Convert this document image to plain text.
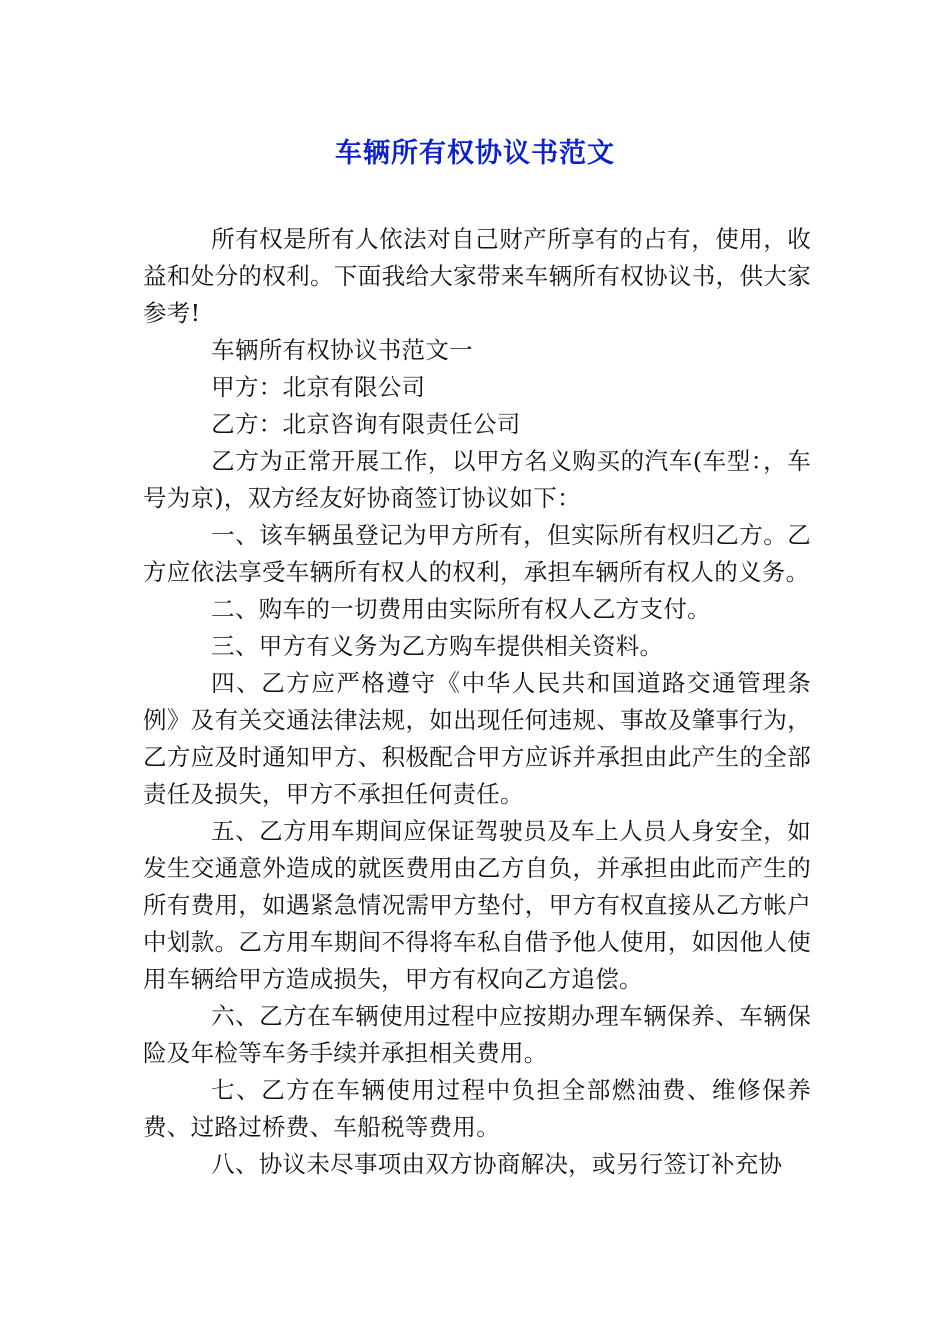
车辆所有权协议书范文

所有权是所有人依法对自己财产所享有的占有，使用，收益和处分的权利。下面我给大家带来车辆所有权协议书，供大家参考!

车辆所有权协议书范文一

甲方：北京有限公司

乙方：北京咨询有限责任公司

乙方为正常开展工作，以甲方名义购买的汽车(车型：，车号为京)，双方经友好协商签订协议如下：

一、该车辆虽登记为甲方所有，但实际所有权归乙方。乙方应依法享受车辆所有权人的权利，承担车辆所有权人的义务。

二、购车的一切费用由实际所有权人乙方支付。

三、甲方有义务为乙方购车提供相关资料。

四、乙方应严格遵守《中华人民共和国道路交通管理条例》及有关交通法律法规，如出现任何违规、事故及肇事行为，乙方应及时通知甲方、积极配合甲方应诉并承担由此产生的全部责任及损失，甲方不承担任何责任。

五、乙方用车期间应保证驾驶员及车上人员人身安全，如发生交通意外造成的就医费用由乙方自负，并承担由此而产生的所有费用，如遇紧急情况需甲方垫付，甲方有权直接从乙方帐户中划款。乙方用车期间不得将车私自借予他人使用，如因他人使用车辆给甲方造成损失，甲方有权向乙方追偿。

六、乙方在车辆使用过程中应按期办理车辆保养、车辆保险及年检等车务手续并承担相关费用。

七、乙方在车辆使用过程中负担全部燃油费、维修保养费、过路过桥费、车船税等费用。

八、协议未尽事项由双方协商解决，或另行签订补充协
